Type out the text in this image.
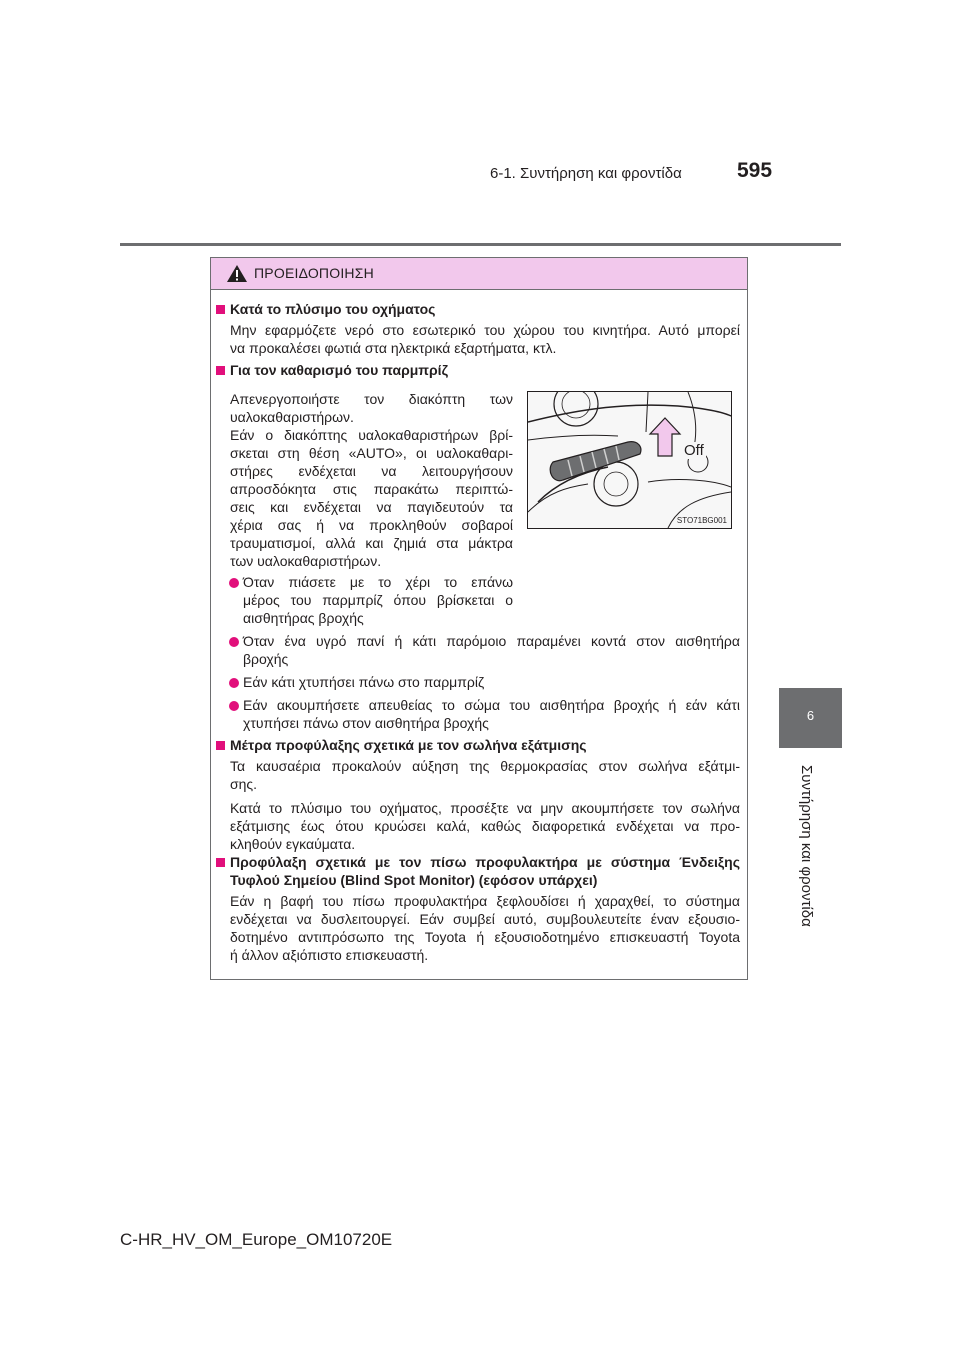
6-1. Συντήρηση και φροντίδα	595
6
Συντήρηση και φροντίδα
ΠΡΟΕΙΔΟΠΟΙΗΣΗ
Κατά το πλύσιμο του οχήματος
Μην εφαρμόζετε νερό στο εσωτερικό του χώρου του κινητήρα. Αυτό μπορεί
να προκαλέσει φωτιά στα ηλεκτρικά εξαρτήματα, κτλ.
Για τον καθαρισμό του παρμπρίζ
Απενεργοποιήστε τον διακόπτη των
υαλοκαθαριστήρων.
Εάν ο διακόπτης υαλοκαθαριστήρων βρί-
σκεται στη θέση «AUTO», οι υαλοκαθαρι-
στήρες ενδέχεται να λειτουργήσουν
απροσδόκητα στις παρακάτω περιπτώ-
σεις και ενδέχεται να παγιδευτούν τα
χέρια σας ή να προκληθούν σοβαροί
τραυματισμοί, αλλά και ζημιά στα μάκτρα
των υαλοκαθαριστήρων.
Όταν πιάσετε με το χέρι το επάνω
μέρος του παρμπρίζ όπου βρίσκεται ο
αισθητήρας βροχής
Off
STO71BG001
Όταν ένα υγρό πανί ή κάτι παρόμοιο παραμένει κοντά στον αισθητήρα
βροχής
Εάν κάτι χτυπήσει πάνω στο παρμπρίζ
Εάν ακουμπήσετε απευθείας το σώμα του αισθητήρα βροχής ή εάν κάτι
χτυπήσει πάνω στον αισθητήρα βροχής
Μέτρα προφύλαξης σχετικά με τον σωλήνα εξάτμισης
Τα καυσαέρια προκαλούν αύξηση της θερμοκρασίας στον σωλήνα εξάτμι-
σης.
Κατά το πλύσιμο του οχήματος, προσέξτε να μην ακουμπήσετε τον σωλήνα
εξάτμισης έως ότου κρυώσει καλά, καθώς διαφορετικά ενδέχεται να προ-
κληθούν εγκαύματα.
Προφύλαξη σχετικά με τον πίσω προφυλακτήρα με σύστημα Ένδειξης
Τυφλού Σημείου (Blind Spot Monitor) (εφόσον υπάρχει)
Εάν η βαφή του πίσω προφυλακτήρα ξεφλουδίσει ή χαραχθεί, το σύστημα
ενδέχεται να δυσλειτουργεί. Εάν συμβεί αυτό, συμβουλευτείτε έναν εξουσιο-
δοτημένο αντιπρόσωπο της Toyota ή εξουσιοδοτημένο επισκευαστή Toyota
ή άλλον αξιόπιστο επισκευαστή.
C-HR_HV_OM_Europe_OM10720E
